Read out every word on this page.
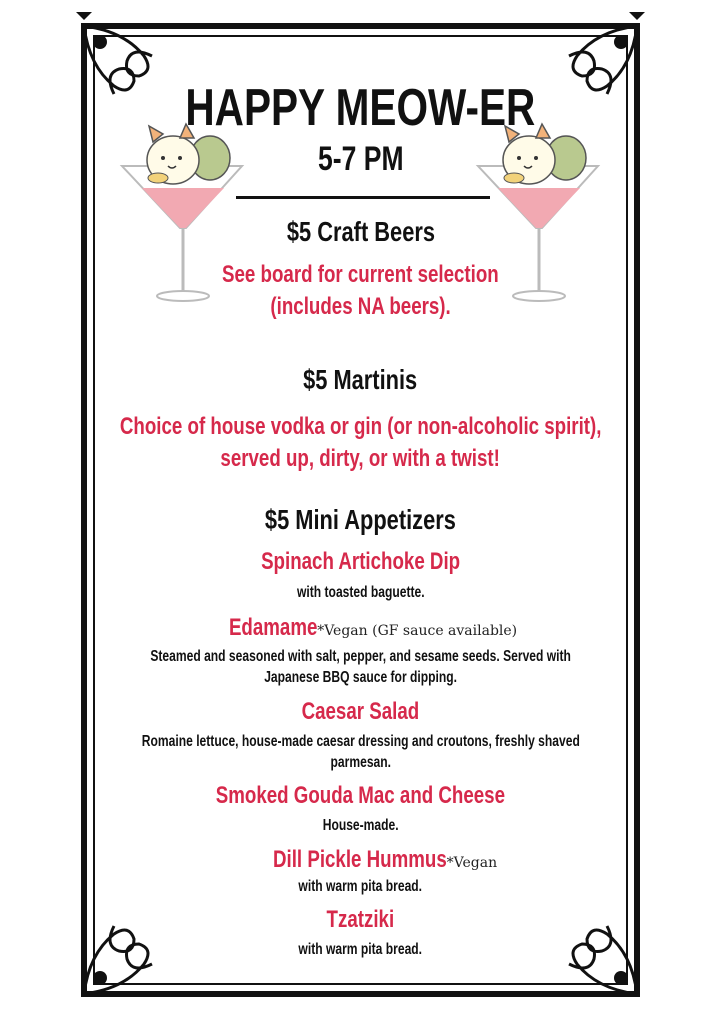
HAPPY MEOW-ER
5-7 PM
$5 Craft Beers
See board for current selection
(includes NA beers).
$5 Martinis
Choice of house vodka or gin (or non-alcoholic spirit),
served up, dirty, or with a twist!
$5 Mini Appetizers
Spinach Artichoke Dip
with toasted baguette.
Edamame*Vegan (GF sauce available)
Steamed and seasoned with salt, pepper, and sesame seeds. Served with
Japanese BBQ sauce for dipping.
Caesar Salad
Romaine lettuce, house-made caesar dressing and croutons, freshly shaved
parmesan.
Smoked Gouda Mac and Cheese
House-made.
Dill Pickle Hummus*Vegan
with warm pita bread.
Tzatziki
with warm pita bread.
